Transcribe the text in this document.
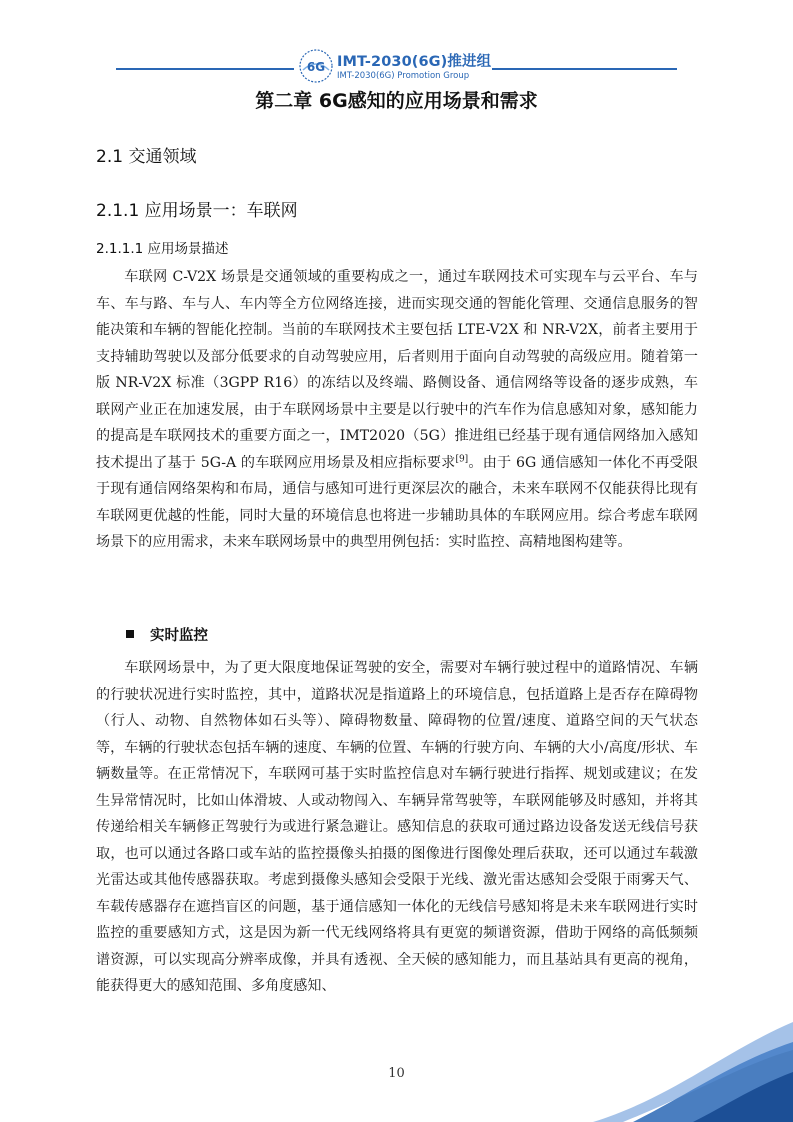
6G IMT-2030(6G)推进组
IMT-2030(6G) Promotion Group
第二章 6G感知的应用场景和需求
2.1 交通领域
2.1.1 应用场景一：车联网
2.1.1.1 应用场景描述

车联网 C-V2X 场景是交通领域的重要构成之一，通过车联网技术可实现车与云平台、车与车、车与路、车与人、车内等全方位网络连接，进而实现交通的智能化管理、交通信息服务的智能决策和车辆的智能化控制。当前的车联网技术主要包括 LTE-V2X 和 NR-V2X，前者主要用于支持辅助驾驶以及部分低要求的自动驾驶应用，后者则用于面向自动驾驶的高级应用。随着第一版 NR-V2X 标准（3GPP R16）的冻结以及终端、路侧设备、通信网络等设备的逐步成熟，车联网产业正在加速发展，由于车联网场景中主要是以行驶中的汽车作为信息感知对象，感知能力的提高是车联网技术的重要方面之一，IMT2020（5G）推进组已经基于现有通信网络加入感知技术提出了基于 5G-A 的车联网应用场景及相应指标要求[9]。由于 6G 通信感知一体化不再受限于现有通信网络架构和布局，通信与感知可进行更深层次的融合，未来车联网不仅能获得比现有车联网更优越的性能，同时大量的环境信息也将进一步辅助具体的车联网应用。综合考虑车联网场景下的应用需求，未来车联网场景中的典型用例包括：实时监控、高精地图构建等。

实时监控

车联网场景中，为了更大限度地保证驾驶的安全，需要对车辆行驶过程中的道路情况、车辆的行驶状况进行实时监控，其中，道路状况是指道路上的环境信息，包括道路上是否存在障碍物（行人、动物、自然物体如石头等）、障碍物数量、障碍物的位置/速度、道路空间的天气状态等，车辆的行驶状态包括车辆的速度、车辆的位置、车辆的行驶方向、车辆的大小/高度/形状、车辆数量等。在正常情况下，车联网可基于实时监控信息对车辆行驶进行指挥、规划或建议；在发生异常情况时，比如山体滑坡、人或动物闯入、车辆异常驾驶等，车联网能够及时感知，并将其传递给相关车辆修正驾驶行为或进行紧急避让。感知信息的获取可通过路边设备发送无线信号获取，也可以通过各路口或车站的监控摄像头拍摄的图像进行图像处理后获取，还可以通过车载激光雷达或其他传感器获取。考虑到摄像头感知会受限于光线、激光雷达感知会受限于雨雾天气、车载传感器存在遮挡盲区的问题，基于通信感知一体化的无线信号感知将是未来车联网进行实时监控的重要感知方式，这是因为新一代无线网络将具有更宽的频谱资源，借助于网络的高低频频谱资源，可以实现高分辨率成像，并具有透视、全天候的感知能力，而且基站具有更高的视角，能获得更大的感知范围、多角度感知、

10
